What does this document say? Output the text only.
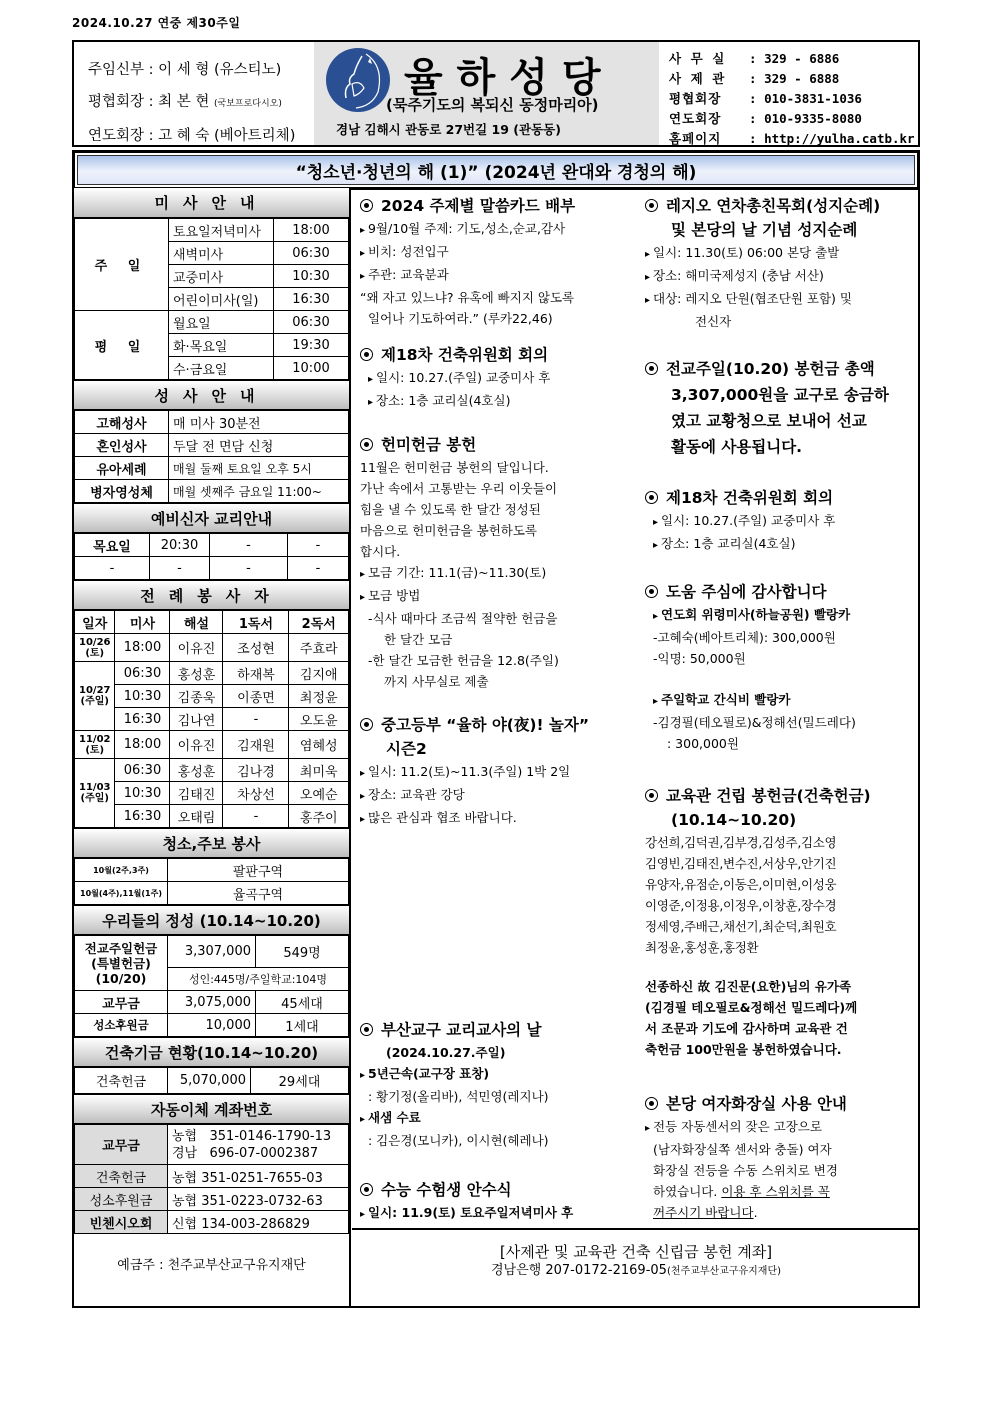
2024.10.27 연중 제30주일
주임신부 : 이 세 형 (유스티노)
평협회장 : 최 본 현 (국보프로다시오)
연도회장 : 고 혜 숙 (베아트리체)
율하성당
(묵주기도의 복되신 동정마리아)
경남 김해시 관동로 27번길 19 (관동동)
사 무 실	: 329 - 6886
사 제 관	: 329 - 6888
평협회장	: 010-3831-1036
연도회장	: 010-9335-8080
홈페이지	: http://yulha.catb.kr
“청소년·청년의 해 (1)” (2024년 완대와 경청의 해)
미사안내
주 일	토요일저녁미사	18:00
	새벽미사	06:30
	교중미사	10:30
	어린이미사(일)	16:30
평 일	월요일	06:30
	화·목요일	19:30
	수·금요일	10:00
성사안내
고해성사	매 미사 30분전
혼인성사	두달 전 면담 신청
유아세례	매월 둘째 토요일 오후 5시
병자영성체	매월 셋째주 금요일 11:00~
예비신자 교리안내
목요일	20:30	-	-
-	-	-	-
전례봉사자
일자	미사	해설	1독서	2독서
10/26
(토)	18:00	이유진	조성현	주효라
10/27
(주일)	06:30	홍성훈	하재복	김지애
	10:30	김종욱	이종면	최정윤
	16:30	김나연	-	오도윤
11/02
(토)	18:00	이유진	김재원	염혜성
11/03
(주일)	06:30	홍성훈	김나경	최미욱
	10:30	김태진	차상선	오예순
	16:30	오태림	-	홍주이
청소,주보 봉사
10월(2주,3주)	팔판구역
10월(4주),11월(1주)	율곡구역
우리들의 정성 (10.14~10.20)
전교주일헌금 (특별헌금) (10/20)	3,307,000	549명
	성인:445명/주일학교:104명	
교무금	3,075,000	45세대
성소후원금	10,000	1세대
건축기금 현황(10.14~10.20)
건축헌금	5,070,000	29세대
자동이체 계좌번호
교무금	농협   351-0146-1790-13
경남   696-07-0002387

건축헌금	농협 351-0251-7655-03
성소후원금	농협 351-0223-0732-63
빈첸시오회	신협 134-003-286829
예금주 : 천주교부산교구유지재단
2024 주제별 말씀카드 배부
▸ 9월/10월 주제: 기도,성소,순교,감사
▸ 비치: 성전입구
▸ 주관: 교육분과
“왜 자고 있느냐? 유혹에 빠지지 않도록
일어나 기도하여라.” (루카22,46)
제18차 건축위원회 회의
▸ 일시: 10.27.(주일) 교중미사 후
▸ 장소: 1층 교리실(4호실)
헌미헌금 봉헌
11월은 헌미헌금 봉헌의 달입니다.
가난 속에서 고통받는 우리 이웃들이
힘을 낼 수 있도록 한 달간 정성된
마음으로 헌미헌금을 봉헌하도록
합시다.
▸ 모금 기간: 11.1(금)~11.30(토)
▸ 모금 방법
-식사 때마다 조금씩 절약한 헌금을
한 달간 모금
-한 달간 모금한 헌금을 12.8(주일)
까지 사무실로 제출
중고등부 “율하 야(夜)! 놀자”
시즌2
▸ 일시: 11.2(토)~11.3(주일) 1박 2일
▸ 장소: 교육관 강당
▸ 많은 관심과 협조 바랍니다.
부산교구 교리교사의 날
(2024.10.27.주일)
▸ 5년근속(교구장 표창)
: 황기정(올리바), 석민영(레지나)
▸ 새샘 수료
: 김은경(모니카), 이시현(헤레나)
수능 수험생 안수식
▸ 일시: 11.9(토) 토요주일저녁미사 후
레지오 연차총친목회(성지순례)
및 본당의 날 기념 성지순례
▸ 일시: 11.30(토) 06:00 본당 출발
▸ 장소: 해미국제성지 (충남 서산)
▸ 대상: 레지오 단원(협조단원 포함) 및
전신자
전교주일(10.20) 봉헌금 총액
3,307,000원을 교구로 송금하
였고 교황청으로 보내어 선교
활동에 사용됩니다.
제18차 건축위원회 회의
▸ 일시: 10.27.(주일) 교중미사 후
▸ 장소: 1층 교리실(4호실)
도움 주심에 감사합니다
▸ 연도회 위령미사(하늘공원) 빨랑카
-고혜숙(베아트리체): 300,000원
-익명: 50,000원
▸ 주일학교 간식비 빨랑카
-김경필(테오필로)&정해선(밀드레다)
: 300,000원
교육관 건립 봉헌금(건축헌금)
(10.14~10.20)
강선희,김덕권,김부경,김성주,김소영
김영빈,김태진,변수진,서상우,안기진
유양자,유점순,이동은,이미현,이성웅
이영준,이정용,이정우,이창훈,장수경
정세영,주배근,채선기,최순덕,최원호
최정윤,홍성훈,홍정환
선종하신 故 김진문(요한)님의 유가족
(김경필 테오필로&정해선 밀드레다)께
서 조문과 기도에 감사하며 교육관 건
축헌금 100만원을 봉헌하였습니다.
본당 여자화장실 사용 안내
▸ 전등 자동센서의 잦은 고장으로
(남자화장실쪽 센서와 충돌) 여자
화장실 전등을 수동 스위치로 변경
하였습니다. 이용 후 스위치를 꼭
꺼주시기 바랍니다.
[사제관 및 교육관 건축 신립금 봉헌 계좌]
경남은행 207-0172-2169-05(천주교부산교구유지재단)
